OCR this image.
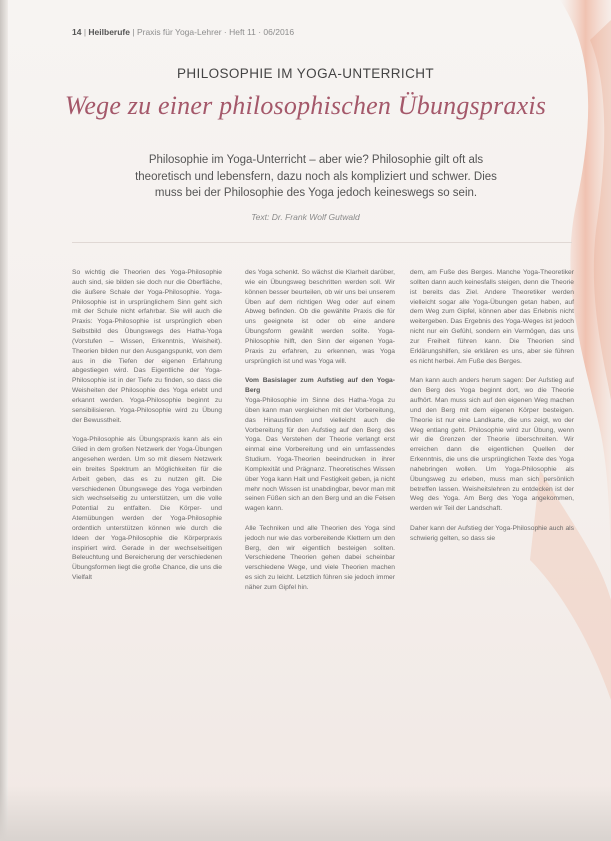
14 | Heilberufe | Praxis für Yoga-Lehrer · Heft 11 · 06/2016
PHILOSOPHIE IM YOGA-UNTERRICHT
Wege zu einer philosophischen Übungspraxis
Philosophie im Yoga-Unterricht – aber wie? Philosophie gilt oft als theoretisch und lebensfern, dazu noch als kompliziert und schwer. Dies muss bei der Philosophie des Yoga jedoch keineswegs so sein.
Text: Dr. Frank Wolf Gutwald

So wichtig die Theorien des Yoga-Philosophie auch sind, sie bilden sie doch nur die Oberfläche, die äußere Schale der Yoga-Philosophie. Yoga-Philosophie ist in ursprünglichem Sinn geht sich mit der Schule nicht erfahrbar. Sie will auch die Praxis: Yoga-Philosophie ist ursprünglich eben Selbstbild des Übungswegs des Hatha-Yoga (Vorstufen – Wissen, Erkenntnis, Weisheit). Theorien bilden nur den Ausgangspunkt, von dem aus in die Tiefen der eigenen Erfahrung abgestiegen wird. Das Eigentliche der Yoga-Philosophie ist in der Tiefe zu finden, so dass die Weisheiten der Philosophie des Yoga erlebt und erkannt werden. Yoga-Philosophie beginnt zu sensibilisieren. Yoga-Philosophie wird zu Übung der Bewusstheit.

Yoga-Philosophie als Übungspraxis kann als ein Glied in dem großen Netzwerk der Yoga-Übungen angesehen werden. Um so mit diesem Netzwerk ein breites Spektrum an Möglichkeiten für die Arbeit geben, das es zu nutzen gilt. Die verschiedenen Übungswege des Yoga verbinden sich wechselseitig zu unterstützen, um die volle Potential zu entfalten. Die Körper- und Atemübungen werden der Yoga-Philosophie ordentlich unterstützen können wie durch die Ideen der Yoga-Philosophie die Körperpraxis inspiriert wird. Gerade in der wechselseitigen Beleuchtung und Bereicherung der verschiedenen Übungsformen liegt die große Chance, die uns die Vielfalt

des Yoga schenkt. So wächst die Klarheit darüber, wie ein Übungsweg beschritten werden soll. Wir können besser beurteilen, ob wir uns bei unserem Üben auf dem richtigen Weg oder auf einem Abweg befinden. Ob die gewählte Praxis die für uns geeignete ist oder ob eine andere Übungsform gewählt werden sollte. Yoga-Philosophie hilft, den Sinn der eigenen Yoga-Praxis zu erfahren, zu erkennen, was Yoga ursprünglich ist und was Yoga will.

Vom Basislager zum Aufstieg auf den Yoga-Berg

Yoga-Philosophie im Sinne des Hatha-Yoga zu üben kann man vergleichen mit der Vorbereitung, das Hinausfinden und vielleicht auch die Vorbereitung für den Aufstieg auf den Berg des Yoga. Das Verstehen der Theorie verlangt erst einmal eine Vorbereitung und ein umfassendes Studium. Yoga-Theorien beeindrucken in ihrer Komplexität und Prägnanz. Theoretisches Wissen über Yoga kann Halt und Festigkeit geben, ja nicht mehr noch Wissen ist unabdingbar, bevor man mit seinen Füßen sich an den Berg und an die Felsen wagen kann.

Alle Techniken und alle Theorien des Yoga sind jedoch nur wie das vorbereitende Klettern um den Berg, den wir eigentlich besteigen sollten. Verschiedene Theorien gehen dabei scheinbar verschiedene Wege, und viele Theorien machen es sich zu leicht. Letztlich führen sie jedoch immer näher zum Gipfel hin.

dem, am Fuße des Berges. Manche Yoga-Theoretiker sollten dann auch keinesfalls steigen, denn die Theorie ist bereits das Ziel. Andere Theoretiker werden vielleicht sogar alle Yoga-Übungen getan haben, auf dem Weg zum Gipfel, können aber das Erlebnis nicht weitergeben. Das Ergebnis des Yoga-Weges ist jedoch nicht nur ein Gefühl, sondern ein Vermögen, das uns zur Freiheit führen kann. Die Theorien sind Erklärungshilfen, sie erklären es uns, aber sie führen es nicht herbei. Am Fuße des Berges.

Man kann auch anders herum sagen: Der Aufstieg auf den Berg des Yoga beginnt dort, wo die Theorie aufhört. Man muss sich auf den eigenen Weg machen und den Berg mit dem eigenen Körper besteigen. Theorie ist nur eine Landkarte, die uns zeigt, wo der Weg entlang geht. Philosophie wird zur Übung, wenn wir die Grenzen der Theorie überschreiten. Wir erreichen dann die eigentlichen Quellen der Erkenntnis, die uns die ursprünglichen Texte des Yoga nahebringen wollen. Um Yoga-Philosophie als Übungsweg zu erleben, muss man sich persönlich betreffen lassen. Weisheitslehren zu entdecken ist der Weg des Yoga. Am Berg des Yoga angekommen, werden wir Teil der Landschaft.

Daher kann der Aufstieg der Yoga-Philosophie auch als schwierig gelten, so dass sie
